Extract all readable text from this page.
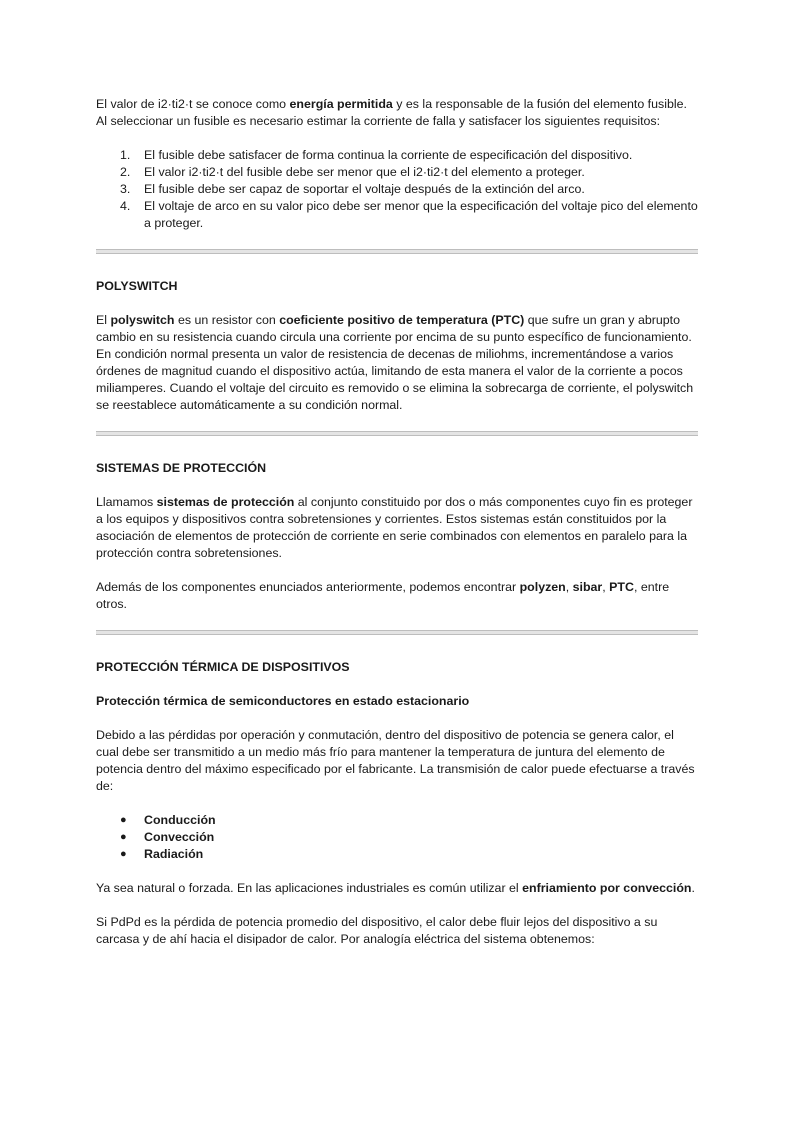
El valor de i2·ti2·t se conoce como energía permitida y es la responsable de la fusión del elemento fusible. Al seleccionar un fusible es necesario estimar la corriente de falla y satisfacer los siguientes requisitos:

1. El fusible debe satisfacer de forma continua la corriente de especificación del dispositivo.
2. El valor i2·ti2·t del fusible debe ser menor que el i2·ti2·t del elemento a proteger.
3. El fusible debe ser capaz de soportar el voltaje después de la extinción del arco.
4. El voltaje de arco en su valor pico debe ser menor que la especificación del voltaje pico del elemento a proteger.
POLYSWITCH

El polyswitch es un resistor con coeficiente positivo de temperatura (PTC) que sufre un gran y abrupto cambio en su resistencia cuando circula una corriente por encima de su punto específico de funcionamiento. En condición normal presenta un valor de resistencia de decenas de miliohms, incrementándose a varios órdenes de magnitud cuando el dispositivo actúa, limitando de esta manera el valor de la corriente a pocos miliamperes. Cuando el voltaje del circuito es removido o se elimina la sobrecarga de corriente, el polyswitch se reestablece automáticamente a su condición normal.

SISTEMAS DE PROTECCIÓN

Llamamos sistemas de protección al conjunto constituido por dos o más componentes cuyo fin es proteger a los equipos y dispositivos contra sobretensiones y corrientes. Estos sistemas están constituidos por la asociación de elementos de protección de corriente en serie combinados con elementos en paralelo para la protección contra sobretensiones.

Además de los componentes enunciados anteriormente, podemos encontrar polyzen, sibar, PTC, entre otros.

PROTECCIÓN TÉRMICA DE DISPOSITIVOS
Protección térmica de semiconductores en estado estacionario

Debido a las pérdidas por operación y conmutación, dentro del dispositivo de potencia se genera calor, el cual debe ser transmitido a un medio más frío para mantener la temperatura de juntura del elemento de potencia dentro del máximo especificado por el fabricante. La transmisión de calor puede efectuarse a través de:

● Conducción
● Convección
● Radiación

Ya sea natural o forzada. En las aplicaciones industriales es común utilizar el enfriamiento por convección.

Si PdPd es la pérdida de potencia promedio del dispositivo, el calor debe fluir lejos del dispositivo a su carcasa y de ahí hacia el disipador de calor. Por analogía eléctrica del sistema obtenemos:
